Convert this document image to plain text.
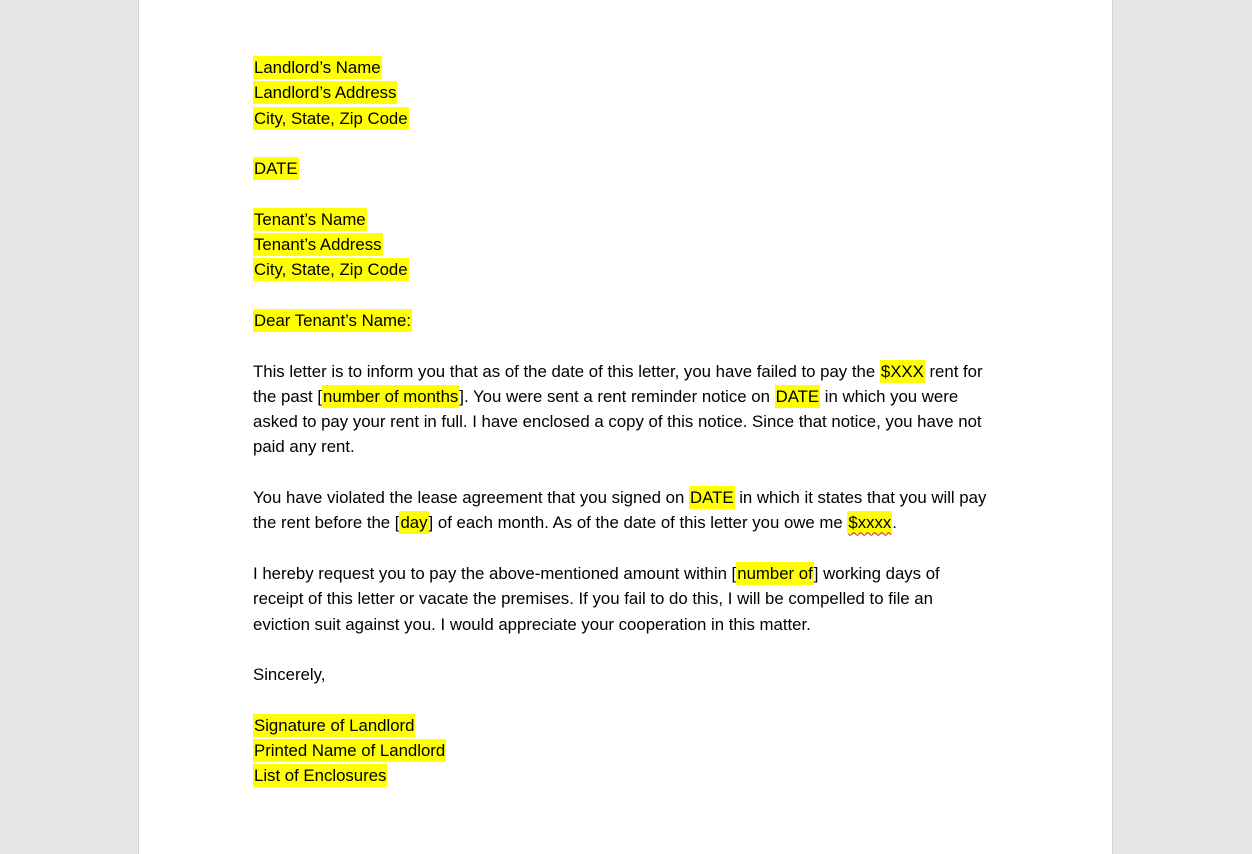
Landlord’s Name

Landlord’s Address

City, State, Zip Code

DATE

Tenant’s Name

Tenant’s Address

City, State, Zip Code

Dear Tenant’s Name:

This letter is to inform you that as of the date of this letter, you have failed to pay the $XXX rent for the past [number of months]. You were sent a rent reminder notice on DATE in which you were asked to pay your rent in full. I have enclosed a copy of this notice. Since that notice, you have not paid any rent.

You have violated the lease agreement that you signed on DATE in which it states that you will pay the rent before the [day] of each month. As of the date of this letter you owe me $xxxx.

I hereby request you to pay the above-mentioned amount within [number of] working days of receipt of this letter or vacate the premises. If you fail to do this, I will be compelled to file an eviction suit against you. I would appreciate your cooperation in this matter.

Sincerely,

Signature of Landlord

Printed Name of Landlord

List of Enclosures
